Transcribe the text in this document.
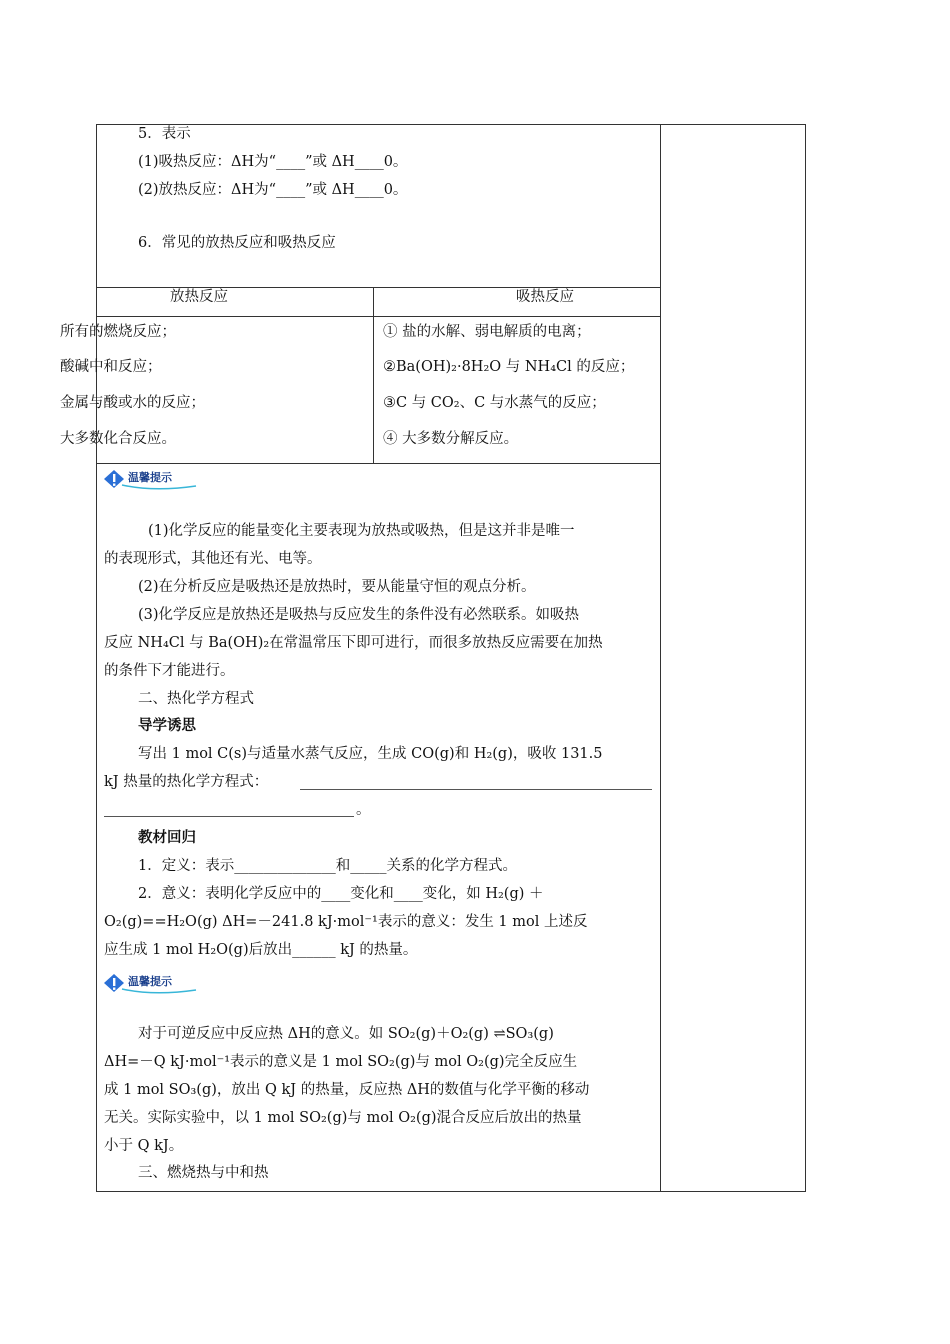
5．表示
(1)吸热反应：ΔH为“____”或 ΔH____0。
(2)放热反应：ΔH为“____”或 ΔH____0。
6．常见的放热反应和吸热反应
放热反应	吸热反应
所有的燃烧反应；
酸碱中和反应；
金属与酸或水的反应；
大多数化合反应。
① 盐的水解、弱电解质的电离；
②Ba(OH)₂·8H₂O 与 NH₄Cl 的反应；
③C 与 CO₂、C 与水蒸气的反应；
④ 大多数分解反应。
温馨提示
(1)化学反应的能量变化主要表现为放热或吸热，但是这并非是唯一
的表现形式，其他还有光、电等。
(2)在分析反应是吸热还是放热时，要从能量守恒的观点分析。
(3)化学反应是放热还是吸热与反应发生的条件没有必然联系。如吸热
反应 NH₄Cl 与 Ba(OH)₂在常温常压下即可进行，而很多放热反应需要在加热
的条件下才能进行。
二、热化学方程式
导学诱思
写出 1 mol C(s)与适量水蒸气反应，生成 CO(g)和 H₂(g)，吸收 131.5
kJ 热量的热化学方程式：
。
教材回归
1．定义：表示______________和_____关系的化学方程式。
2．意义：表明化学反应中的____变化和____变化，如 H₂(g) ＋
O₂(g)==H₂O(g) ΔH=－241.8 kJ·mol⁻¹表示的意义：发生 1 mol 上述反
应生成 1 mol H₂O(g)后放出______ kJ 的热量。
温馨提示
对于可逆反应中反应热 ΔH的意义。如 SO₂(g)＋O₂(g) ⇌SO₃(g)
ΔH=－Q kJ·mol⁻¹表示的意义是 1 mol SO₂(g)与 mol O₂(g)完全反应生
成 1 mol SO₃(g)，放出 Q kJ 的热量，反应热 ΔH的数值与化学平衡的移动
无关。实际实验中，以 1 mol SO₂(g)与 mol O₂(g)混合反应后放出的热量
小于 Q kJ。
三、燃烧热与中和热
